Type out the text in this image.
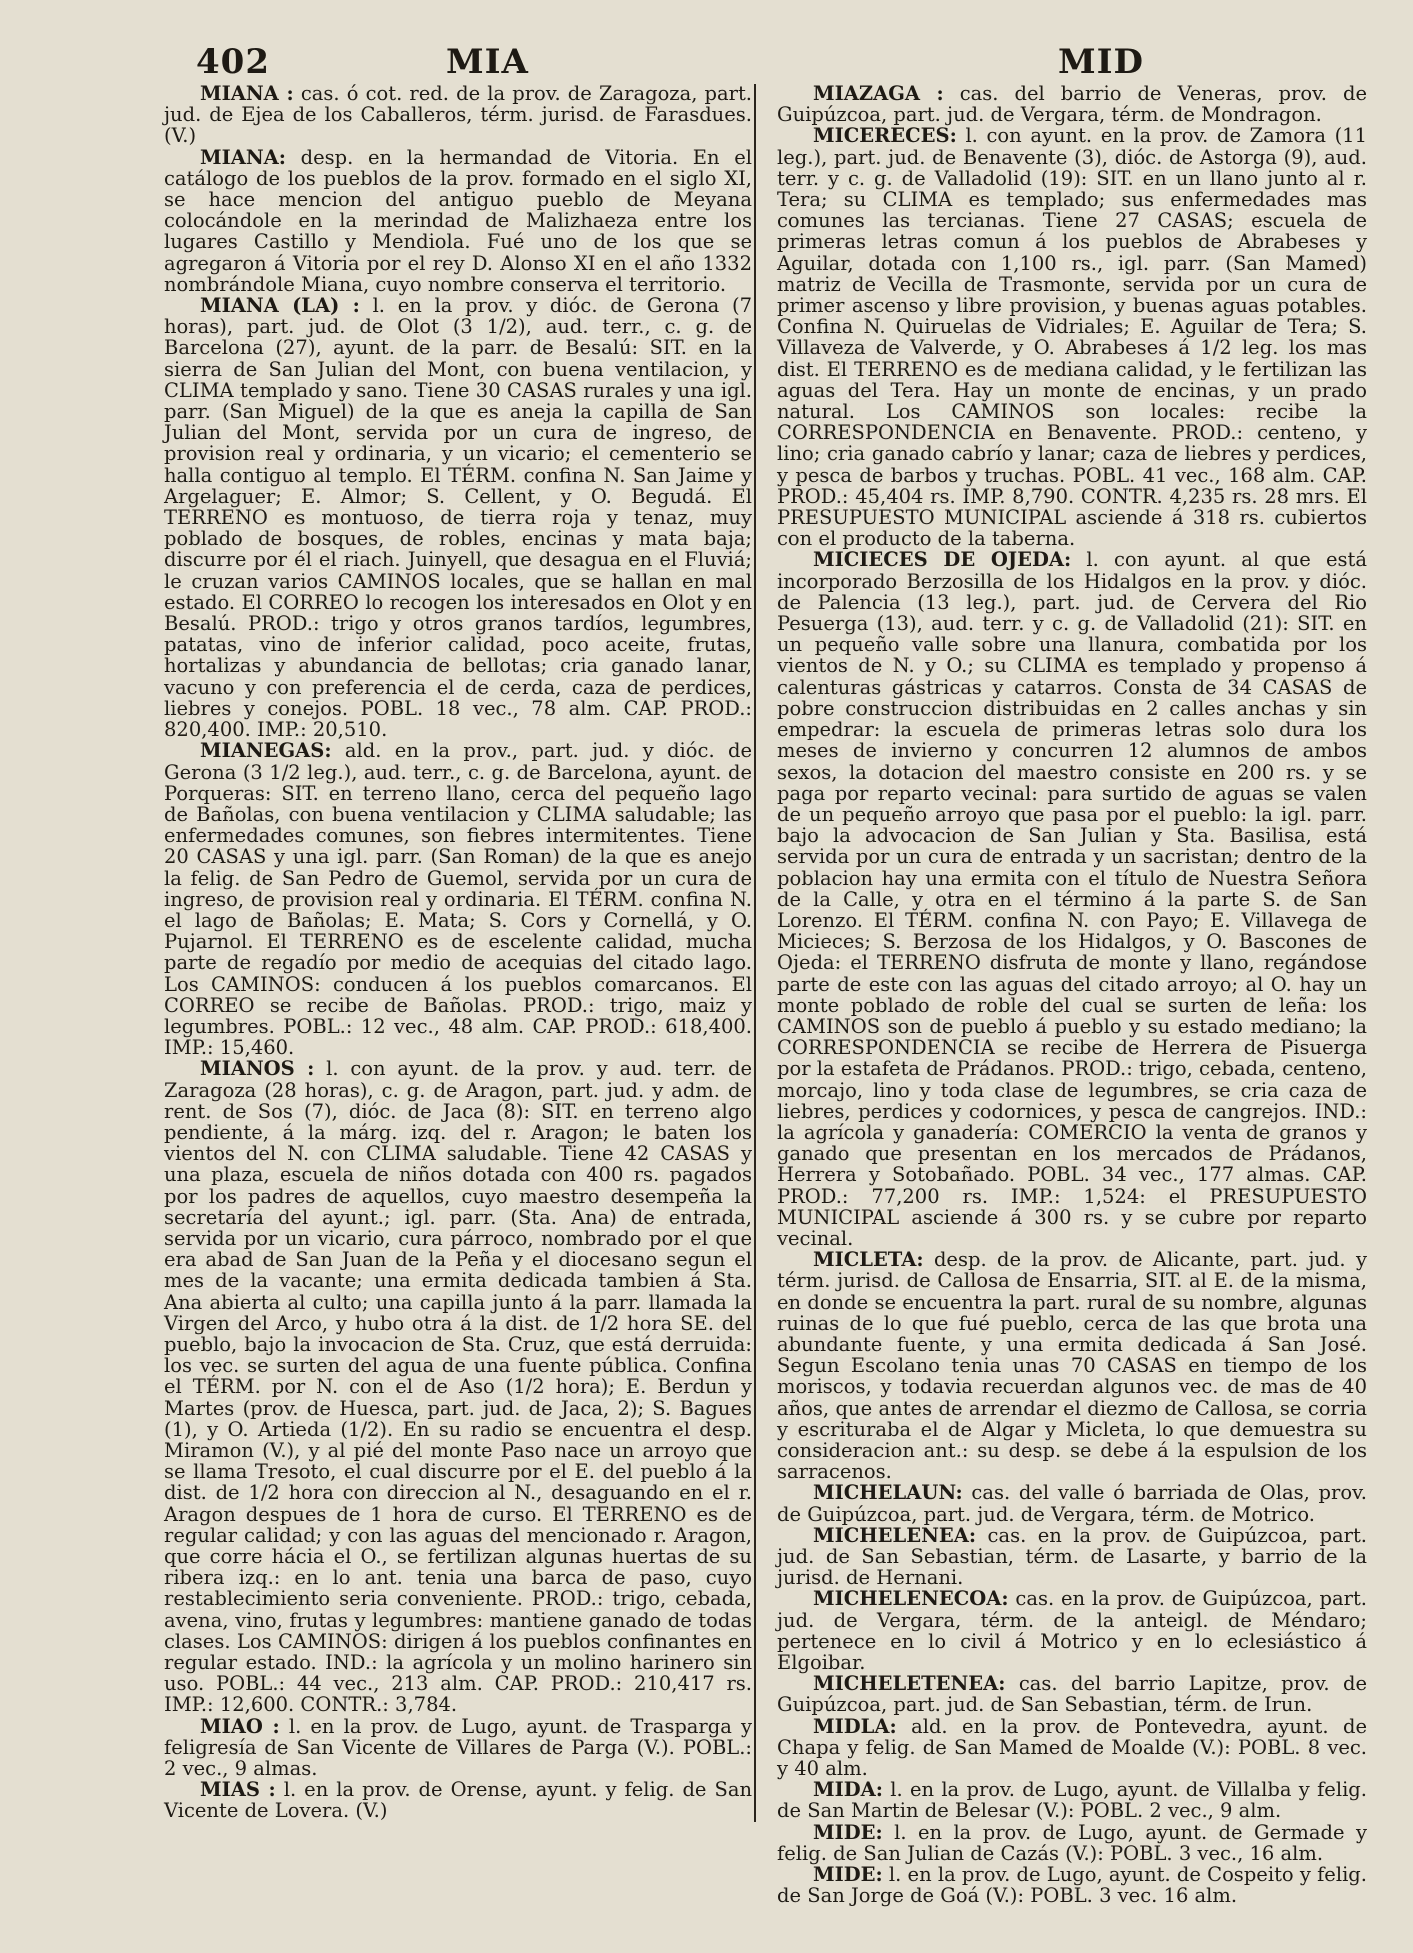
402	MIA	MID

MIANA : cas. ó cot. red. de la prov. de Zaragoza, part. jud. de Ejea de los Caballeros, térm. jurisd. de Farasdues. (V.)

MIANA: desp. en la hermandad de Vitoria. En el catálogo de los pueblos de la prov. formado en el siglo XI, se hace mencion del antiguo pueblo de Meyana colocándole en la merindad de Malizhaeza entre los lugares Castillo y Mendiola. Fué uno de los que se agregaron á Vitoria por el rey D. Alonso XI en el año 1332 nombrándole Miana, cuyo nombre conserva el territorio.

MIANA (LA) : l. en la prov. y dióc. de Gerona (7 horas), part. jud. de Olot (3 1/2), aud. terr., c. g. de Barcelona (27), ayunt. de la parr. de Besalú: SIT. en la sierra de San Julian del Mont, con buena ventilacion, y CLIMA templado y sano. Tiene 30 CASAS rurales y una igl. parr. (San Miguel) de la que es aneja la capilla de San Julian del Mont, servida por un cura de ingreso, de provision real y ordinaria, y un vicario; el cementerio se halla contiguo al templo. El TÉRM. confina N. San Jaime y Argelaguer; E. Almor; S. Cellent, y O. Begudá. El TERRENO es montuoso, de tierra roja y tenaz, muy poblado de bosques, de robles, encinas y mata baja; discurre por él el riach. Juinyell, que desagua en el Fluviá; le cruzan varios CAMINOS locales, que se hallan en mal estado. El CORREO lo recogen los interesados en Olot y en Besalú. PROD.: trigo y otros granos tardíos, legumbres, patatas, vino de inferior calidad, poco aceite, frutas, hortalizas y abundancia de bellotas; cria ganado lanar, vacuno y con preferencia el de cerda, caza de perdices, liebres y conejos. POBL. 18 vec., 78 alm. CAP. PROD.: 820,400. IMP.: 20,510.

MIANEGAS: ald. en la prov., part. jud. y dióc. de Gerona (3 1/2 leg.), aud. terr., c. g. de Barcelona, ayunt. de Porqueras: SIT. en terreno llano, cerca del pequeño lago de Bañolas, con buena ventilacion y CLIMA saludable; las enfermedades comunes, son fiebres intermitentes. Tiene 20 CASAS y una igl. parr. (San Roman) de la que es anejo la felig. de San Pedro de Guemol, servida por un cura de ingreso, de provision real y ordinaria. El TÉRM. confina N. el lago de Bañolas; E. Mata; S. Cors y Cornellá, y O. Pujarnol. El TERRENO es de escelente calidad, mucha parte de regadío por medio de acequias del citado lago. Los CAMINOS: conducen á los pueblos comarcanos. El CORREO se recibe de Bañolas. PROD.: trigo, maiz y legumbres. POBL.: 12 vec., 48 alm. CAP. PROD.: 618,400. IMP.: 15,460.

MIANOS : l. con ayunt. de la prov. y aud. terr. de Zaragoza (28 horas), c. g. de Aragon, part. jud. y adm. de rent. de Sos (7), dióc. de Jaca (8): SIT. en terreno algo pendiente, á la márg. izq. del r. Aragon; le baten los vientos del N. con CLIMA saludable. Tiene 42 CASAS y una plaza, escuela de niños dotada con 400 rs. pagados por los padres de aquellos, cuyo maestro desempeña la secretaría del ayunt.; igl. parr. (Sta. Ana) de entrada, servida por un vicario, cura párroco, nombrado por el que era abad de San Juan de la Peña y el diocesano segun el mes de la vacante; una ermita dedicada tambien á Sta. Ana abierta al culto; una capilla junto á la parr. llamada la Virgen del Arco, y hubo otra á la dist. de 1/2 hora SE. del pueblo, bajo la invocacion de Sta. Cruz, que está derruida: los vec. se surten del agua de una fuente pública. Confina el TÉRM. por N. con el de Aso (1/2 hora); E. Berdun y Martes (prov. de Huesca, part. jud. de Jaca, 2); S. Bagues (1), y O. Artieda (1/2). En su radio se encuentra el desp. Miramon (V.), y al pié del monte Paso nace un arroyo que se llama Tresoto, el cual discurre por el E. del pueblo á la dist. de 1/2 hora con direccion al N., desaguando en el r. Aragon despues de 1 hora de curso. El TERRENO es de regular calidad; y con las aguas del mencionado r. Aragon, que corre hácia el O., se fertilizan algunas huertas de su ribera izq.: en lo ant. tenia una barca de paso, cuyo restablecimiento seria conveniente. PROD.: trigo, cebada, avena, vino, frutas y legumbres: mantiene ganado de todas clases. Los CAMINOS: dirigen á los pueblos confinantes en regular estado. IND.: la agrícola y un molino harinero sin uso. POBL.: 44 vec., 213 alm. CAP. PROD.: 210,417 rs. IMP.: 12,600. CONTR.: 3,784.

MIAO : l. en la prov. de Lugo, ayunt. de Trasparga y feligresía de San Vicente de Villares de Parga (V.). POBL.: 2 vec., 9 almas.

MIAS : l. en la prov. de Orense, ayunt. y felig. de San Vicente de Lovera. (V.)

MIAZAGA : cas. del barrio de Veneras, prov. de Guipúzcoa, part. jud. de Vergara, térm. de Mondragon.

MICERECES: l. con ayunt. en la prov. de Zamora (11 leg.), part. jud. de Benavente (3), dióc. de Astorga (9), aud. terr. y c. g. de Valladolid (19): SIT. en un llano junto al r. Tera; su CLIMA es templado; sus enfermedades mas comunes las tercianas. Tiene 27 CASAS; escuela de primeras letras comun á los pueblos de Abrabeses y Aguilar, dotada con 1,100 rs., igl. parr. (San Mamed) matriz de Vecilla de Trasmonte, servida por un cura de primer ascenso y libre provision, y buenas aguas potables. Confina N. Quiruelas de Vidriales; E. Aguilar de Tera; S. Villaveza de Valverde, y O. Abrabeses á 1/2 leg. los mas dist. El TERRENO es de mediana calidad, y le fertilizan las aguas del Tera. Hay un monte de encinas, y un prado natural. Los CAMINOS son locales: recibe la CORRESPONDENCIA en Benavente. PROD.: centeno, y lino; cria ganado cabrío y lanar; caza de liebres y perdices, y pesca de barbos y truchas. POBL. 41 vec., 168 alm. CAP. PROD.: 45,404 rs. IMP. 8,790. CONTR. 4,235 rs. 28 mrs. El PRESUPUESTO MUNICIPAL asciende á 318 rs. cubiertos con el producto de la taberna.

MICIECES DE OJEDA: l. con ayunt. al que está incorporado Berzosilla de los Hidalgos en la prov. y dióc. de Palencia (13 leg.), part. jud. de Cervera del Rio Pesuerga (13), aud. terr. y c. g. de Valladolid (21): SIT. en un pequeño valle sobre una llanura, combatida por los vientos de N. y O.; su CLIMA es templado y propenso á calenturas gástricas y catarros. Consta de 34 CASAS de pobre construccion distribuidas en 2 calles anchas y sin empedrar: la escuela de primeras letras solo dura los meses de invierno y concurren 12 alumnos de ambos sexos, la dotacion del maestro consiste en 200 rs. y se paga por reparto vecinal: para surtido de aguas se valen de un pequeño arroyo que pasa por el pueblo: la igl. parr. bajo la advocacion de San Julian y Sta. Basilisa, está servida por un cura de entrada y un sacristan; dentro de la poblacion hay una ermita con el título de Nuestra Señora de la Calle, y otra en el término á la parte S. de San Lorenzo. El TÉRM. confina N. con Payo; E. Villavega de Micieces; S. Berzosa de los Hidalgos, y O. Bascones de Ojeda: el TERRENO disfruta de monte y llano, regándose parte de este con las aguas del citado arroyo; al O. hay un monte poblado de roble del cual se surten de leña: los CAMINOS son de pueblo á pueblo y su estado mediano; la CORRESPONDENCIA se recibe de Herrera de Pisuerga por la estafeta de Prádanos. PROD.: trigo, cebada, centeno, morcajo, lino y toda clase de legumbres, se cria caza de liebres, perdices y codornices, y pesca de cangrejos. IND.: la agrícola y ganadería: COMERCIO la venta de granos y ganado que presentan en los mercados de Prádanos, Herrera y Sotobañado. POBL. 34 vec., 177 almas. CAP. PROD.: 77,200 rs. IMP.: 1,524: el PRESUPUESTO MUNICIPAL asciende á 300 rs. y se cubre por reparto vecinal.

MICLETA: desp. de la prov. de Alicante, part. jud. y térm. jurisd. de Callosa de Ensarria, SIT. al E. de la misma, en donde se encuentra la part. rural de su nombre, algunas ruinas de lo que fué pueblo, cerca de las que brota una abundante fuente, y una ermita dedicada á San José. Segun Escolano tenia unas 70 CASAS en tiempo de los moriscos, y todavia recuerdan algunos vec. de mas de 40 años, que antes de arrendar el diezmo de Callosa, se corria y escrituraba el de Algar y Micleta, lo que demuestra su consideracion ant.: su desp. se debe á la espulsion de los sarracenos.

MICHELAUN: cas. del valle ó barriada de Olas, prov. de Guipúzcoa, part. jud. de Vergara, térm. de Motrico.

MICHELENEA: cas. en la prov. de Guipúzcoa, part. jud. de San Sebastian, térm. de Lasarte, y barrio de la jurisd. de Hernani.

MICHELENECOA: cas. en la prov. de Guipúzcoa, part. jud. de Vergara, térm. de la anteigl. de Méndaro; pertenece en lo civil á Motrico y en lo eclesiástico á Elgoibar.

MICHELETENEA: cas. del barrio Lapitze, prov. de Guipúzcoa, part. jud. de San Sebastian, térm. de Irun.

MIDLA: ald. en la prov. de Pontevedra, ayunt. de Chapa y felig. de San Mamed de Moalde (V.): POBL. 8 vec. y 40 alm.

MIDA: l. en la prov. de Lugo, ayunt. de Villalba y felig. de San Martin de Belesar (V.): POBL. 2 vec., 9 alm.

MIDE: l. en la prov. de Lugo, ayunt. de Germade y felig. de San Julian de Cazás (V.): POBL. 3 vec., 16 alm.

MIDE: l. en la prov. de Lugo, ayunt. de Cospeito y felig. de San Jorge de Goá (V.): POBL. 3 vec. 16 alm.
